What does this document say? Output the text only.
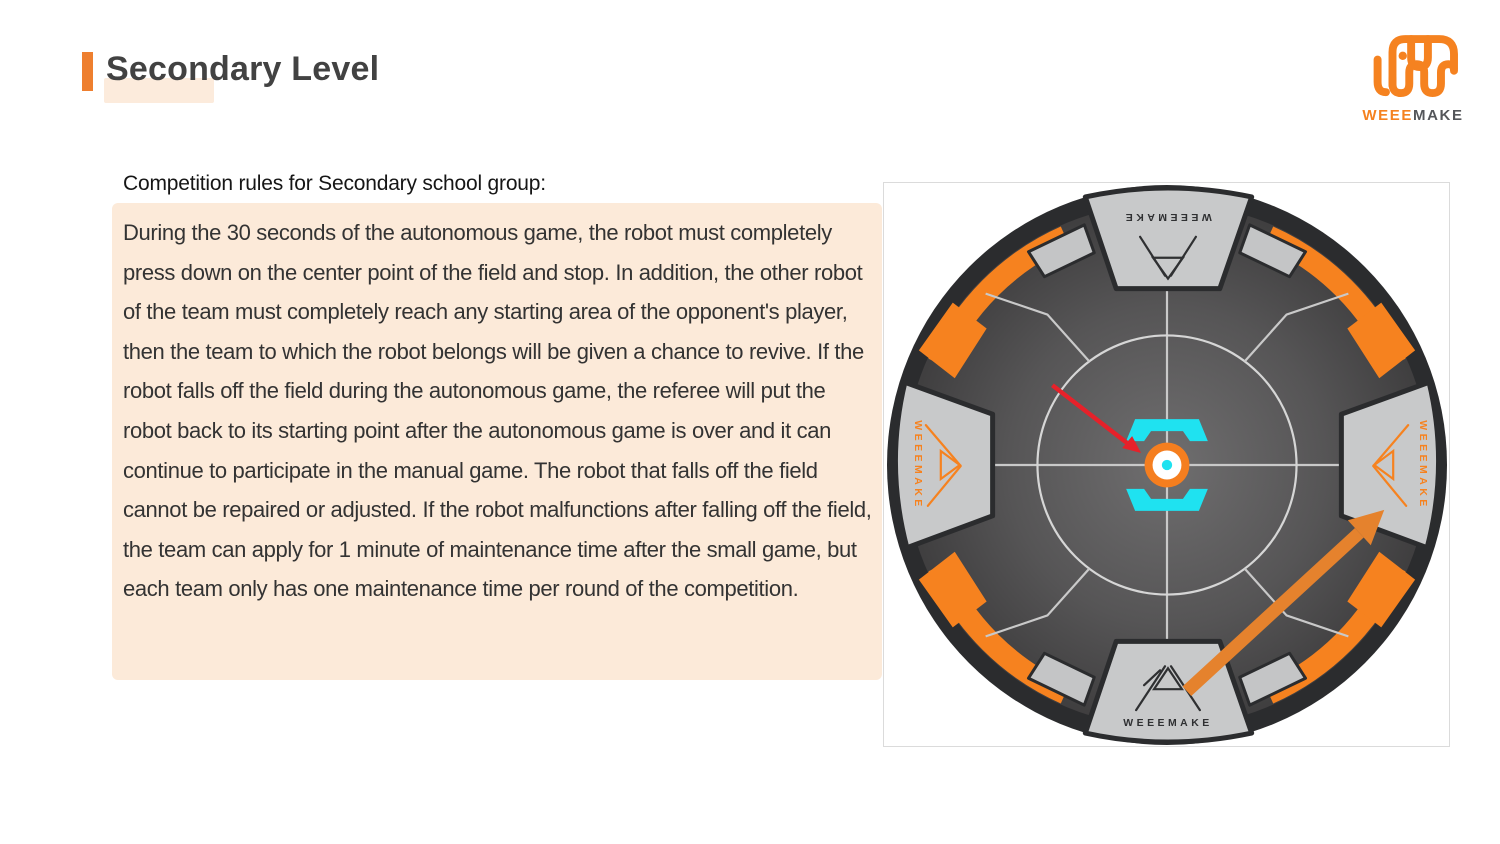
Secondary Level
WEEEMAKE
Competition rules for Secondary school group:

During the 30 seconds of the autonomous game, the robot must completely press down on the center point of the field and stop. In addition, the other robot of the team must completely reach any starting area of the opponent's player, then the team to which the robot belongs will be given a chance to revive. If the robot falls off the field during the autonomous game, the referee will put the robot back to its starting point after the autonomous game is over and it can continue to participate in the manual game. The robot that falls off the field cannot be repaired or adjusted. If the robot malfunctions after falling off the field, the team can apply for 1 minute of maintenance time after the small game, but each team only has one maintenance time per round of the competition.

WEEEMAKE
WEEEMAKE
WEEEMAKE	WEEEMAKE
